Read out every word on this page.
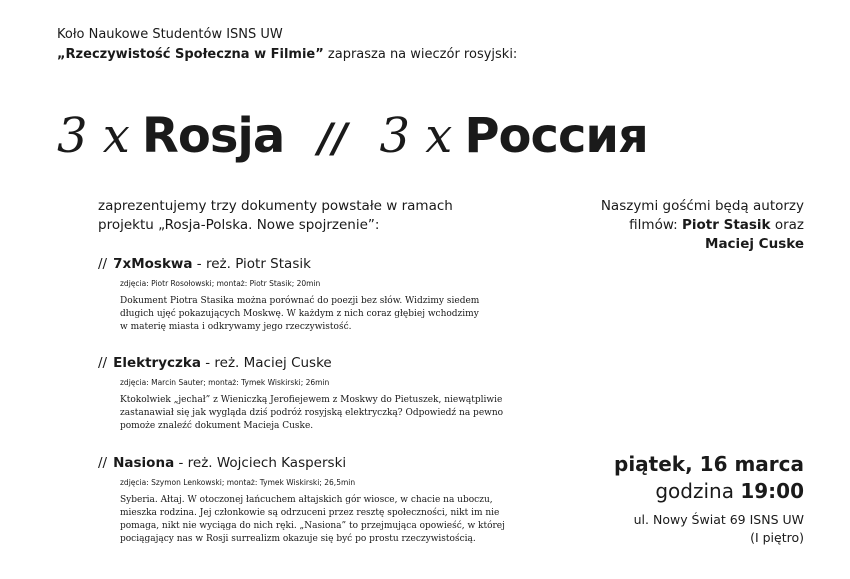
Koło Naukowe Studentów ISNS UW
„Rzeczywistość Społeczna w Filmie” zaprasza na wieczór rosyjski:
3 x Rosja // 3 x Россия
zaprezentujemy trzy dokumenty powstałe w ramach
projektu „Rosja-Polska. Nowe spojrzenie”:
// 7xMoskwa - reż. Piotr Stasik
zdjęcia: Piotr Rosołowski; montaż: Piotr Stasik; 20min
Dokument Piotra Stasika można porównać do poezji bez słów. Widzimy siedem
długich ujęć pokazujących Moskwę. W każdym z nich coraz głębiej wchodzimy
w materię miasta i odkrywamy jego rzeczywistość.
// Elektryczka - reż. Maciej Cuske
zdjęcia: Marcin Sauter; montaż: Tymek Wiskirski; 26min
Ktokolwiek „jechał” z Wieniczką Jerofiejewem z Moskwy do Pietuszek, niewątpliwie
zastanawiał się jak wygląda dziś podróż rosyjską elektryczką? Odpowiedź na pewno
pomoże znaleźć dokument Macieja Cuske.
// Nasiona - reż. Wojciech Kasperski
zdjęcia: Szymon Lenkowski; montaż: Tymek Wiskirski; 26,5min
Syberia. Ałtaj. W otoczonej łańcuchem ałtajskich gór wiosce, w chacie na uboczu,
mieszka rodzina. Jej członkowie są odrzuceni przez resztę społeczności, nikt im nie
pomaga, nikt nie wyciąga do nich ręki. „Nasiona” to przejmująca opowieść, w której
pociągający nas w Rosji surrealizm okazuje się być po prostu rzeczywistością.
Naszymi gośćmi będą autorzy
filmów: Piotr Stasik oraz
Maciej Cuske
piątek, 16 marca
godzina 19:00
ul. Nowy Świat 69 ISNS UW
(I piętro)
